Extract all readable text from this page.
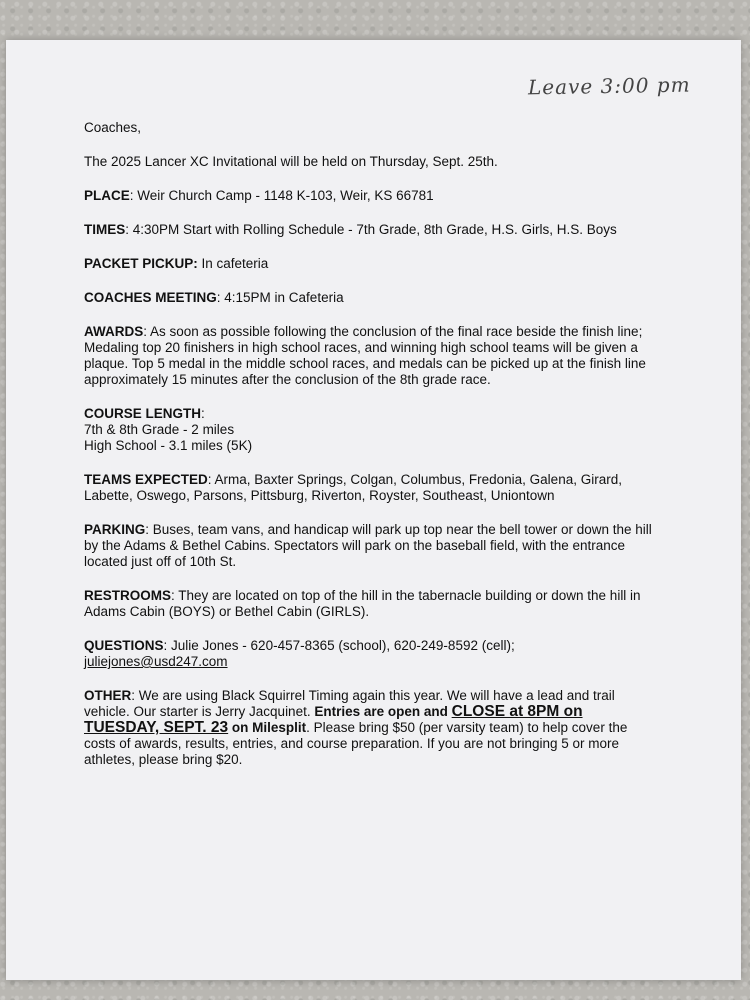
Leave 3:00 pm

Coaches,

The 2025 Lancer XC Invitational will be held on Thursday, Sept. 25th.

PLACE: Weir Church Camp - 1148 K-103, Weir, KS 66781

TIMES: 4:30PM Start with Rolling Schedule - 7th Grade, 8th Grade, H.S. Girls, H.S. Boys

PACKET PICKUP: In cafeteria

COACHES MEETING: 4:15PM in Cafeteria

AWARDS: As soon as possible following the conclusion of the final race beside the finish line; Medaling top 20 finishers in high school races, and winning high school teams will be given a plaque. Top 5 medal in the middle school races, and medals can be picked up at the finish line approximately 15 minutes after the conclusion of the 8th grade race.

COURSE LENGTH:
7th & 8th Grade - 2 miles
High School - 3.1 miles (5K)

TEAMS EXPECTED: Arma, Baxter Springs, Colgan, Columbus, Fredonia, Galena, Girard, Labette, Oswego, Parsons, Pittsburg, Riverton, Royster, Southeast, Uniontown

PARKING: Buses, team vans, and handicap will park up top near the bell tower or down the hill by the Adams & Bethel Cabins. Spectators will park on the baseball field, with the entrance located just off of 10th St.

RESTROOMS: They are located on top of the hill in the tabernacle building or down the hill in Adams Cabin (BOYS) or Bethel Cabin (GIRLS).

QUESTIONS: Julie Jones - 620-457-8365 (school), 620-249-8592 (cell);
juliejones@usd247.com

OTHER: We are using Black Squirrel Timing again this year. We will have a lead and trail vehicle. Our starter is Jerry Jacquinet. Entries are open and CLOSE at 8PM on TUESDAY, SEPT. 23 on Milesplit. Please bring $50 (per varsity team) to help cover the costs of awards, results, entries, and course preparation. If you are not bringing 5 or more athletes, please bring $20.
